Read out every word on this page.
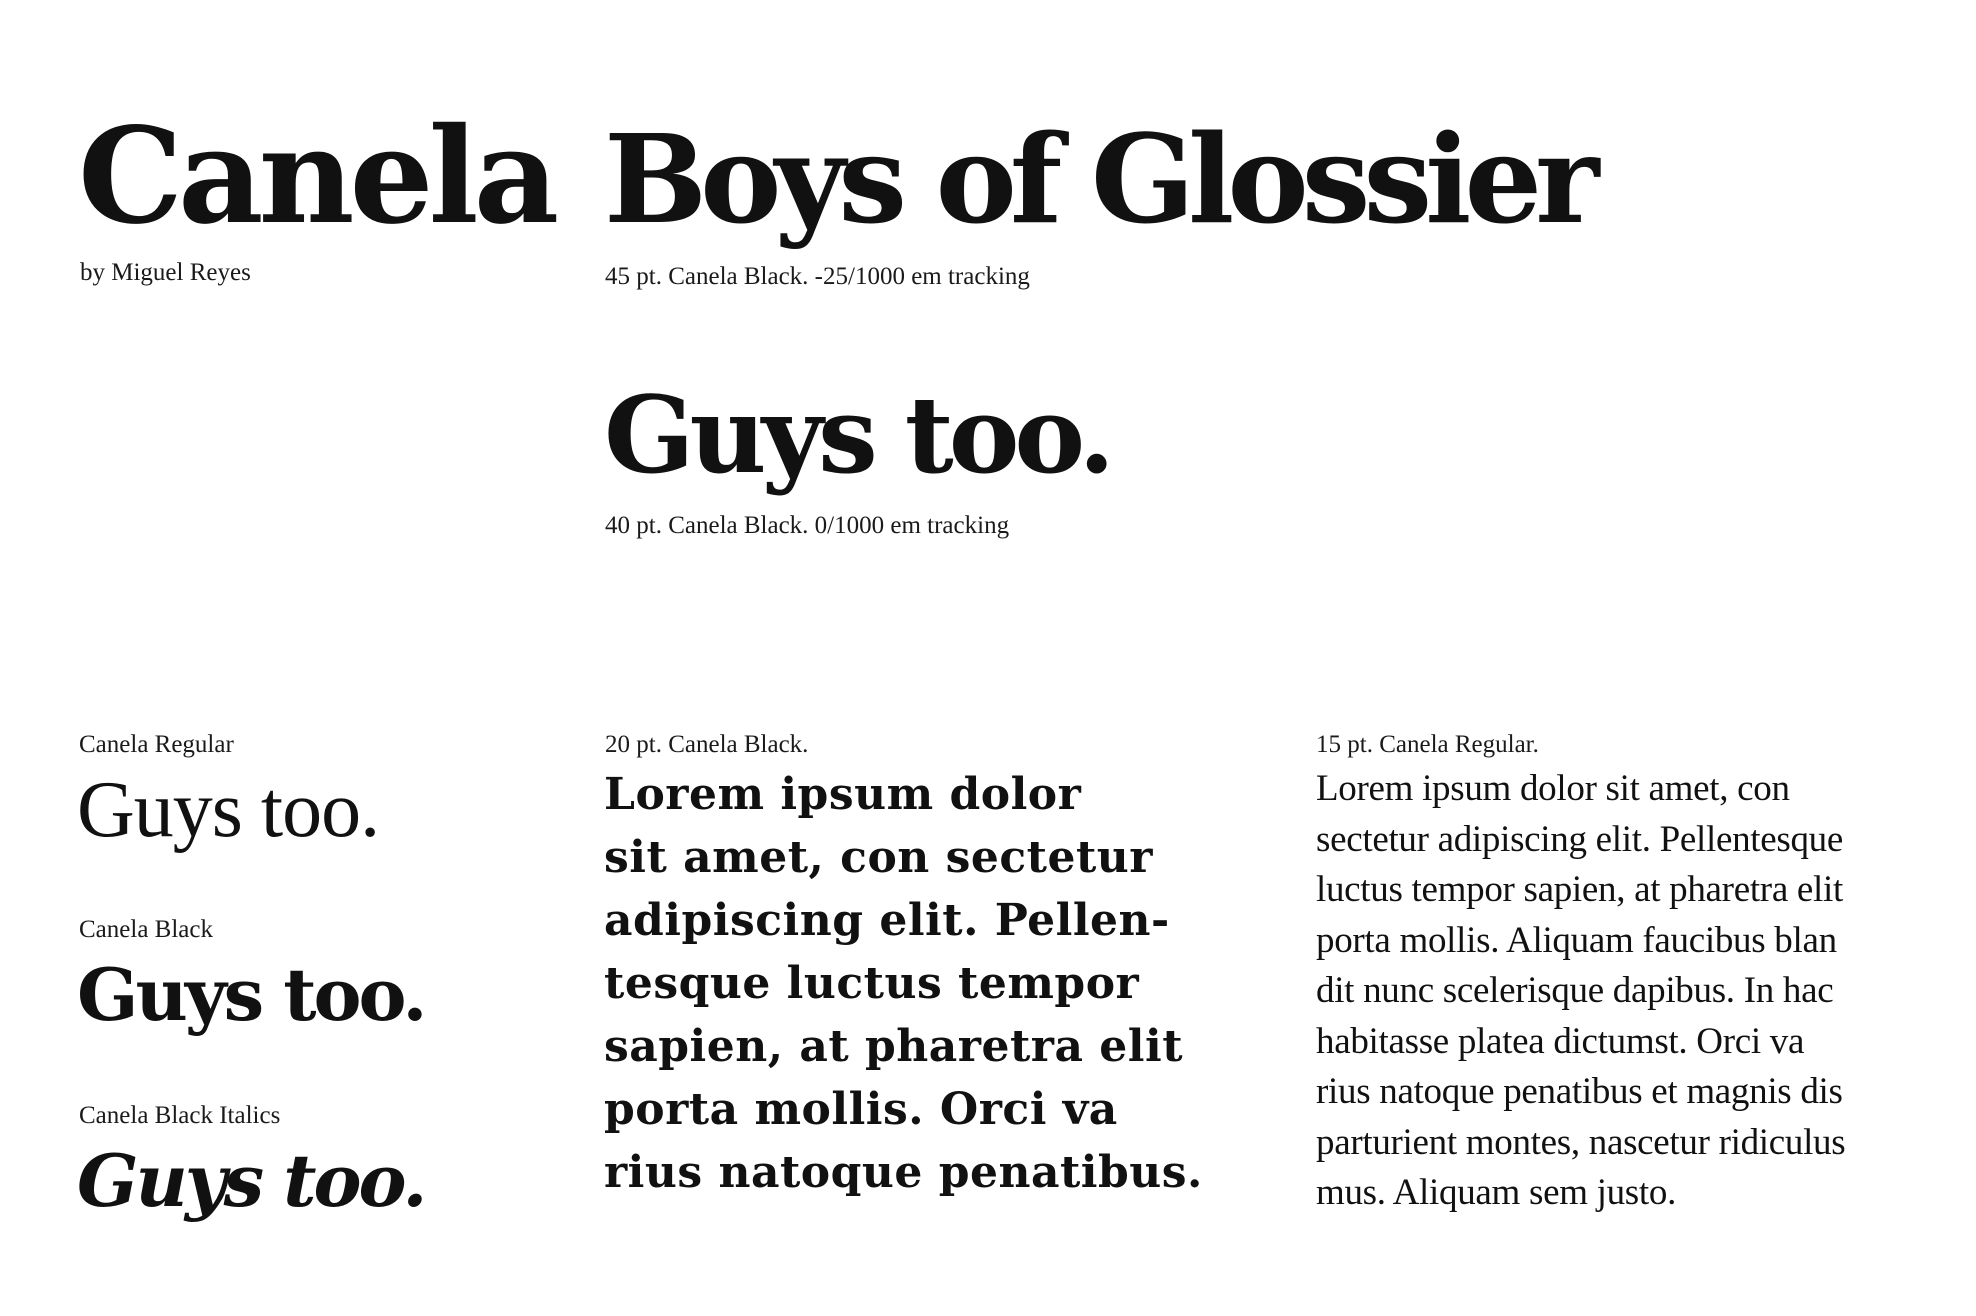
Canela

by Miguel Reyes

Boys of Glossier

45 pt. Canela Black. -25/1000 em tracking

Guys too.

40 pt. Canela Black. 0/1000 em tracking

Canela Regular

Guys too.

Canela Black

Guys too.

Canela Black Italics

Guys too.

20 pt. Canela Black.

Lorem ipsum dolor
sit amet, con sectetur
adipiscing elit. Pellen-
tesque luctus tempor
sapien, at pharetra elit
porta mollis. Orci va
rius natoque penatibus.

15 pt. Canela Regular.

Lorem ipsum dolor sit amet, con
sectetur adipiscing elit. Pellentesque
luctus tempor sapien, at pharetra elit
porta mollis. Aliquam faucibus blan
dit nunc scelerisque dapibus. In hac
habitasse platea dictumst. Orci va
rius natoque penatibus et magnis dis
parturient montes, nascetur ridiculus
mus. Aliquam sem justo.
